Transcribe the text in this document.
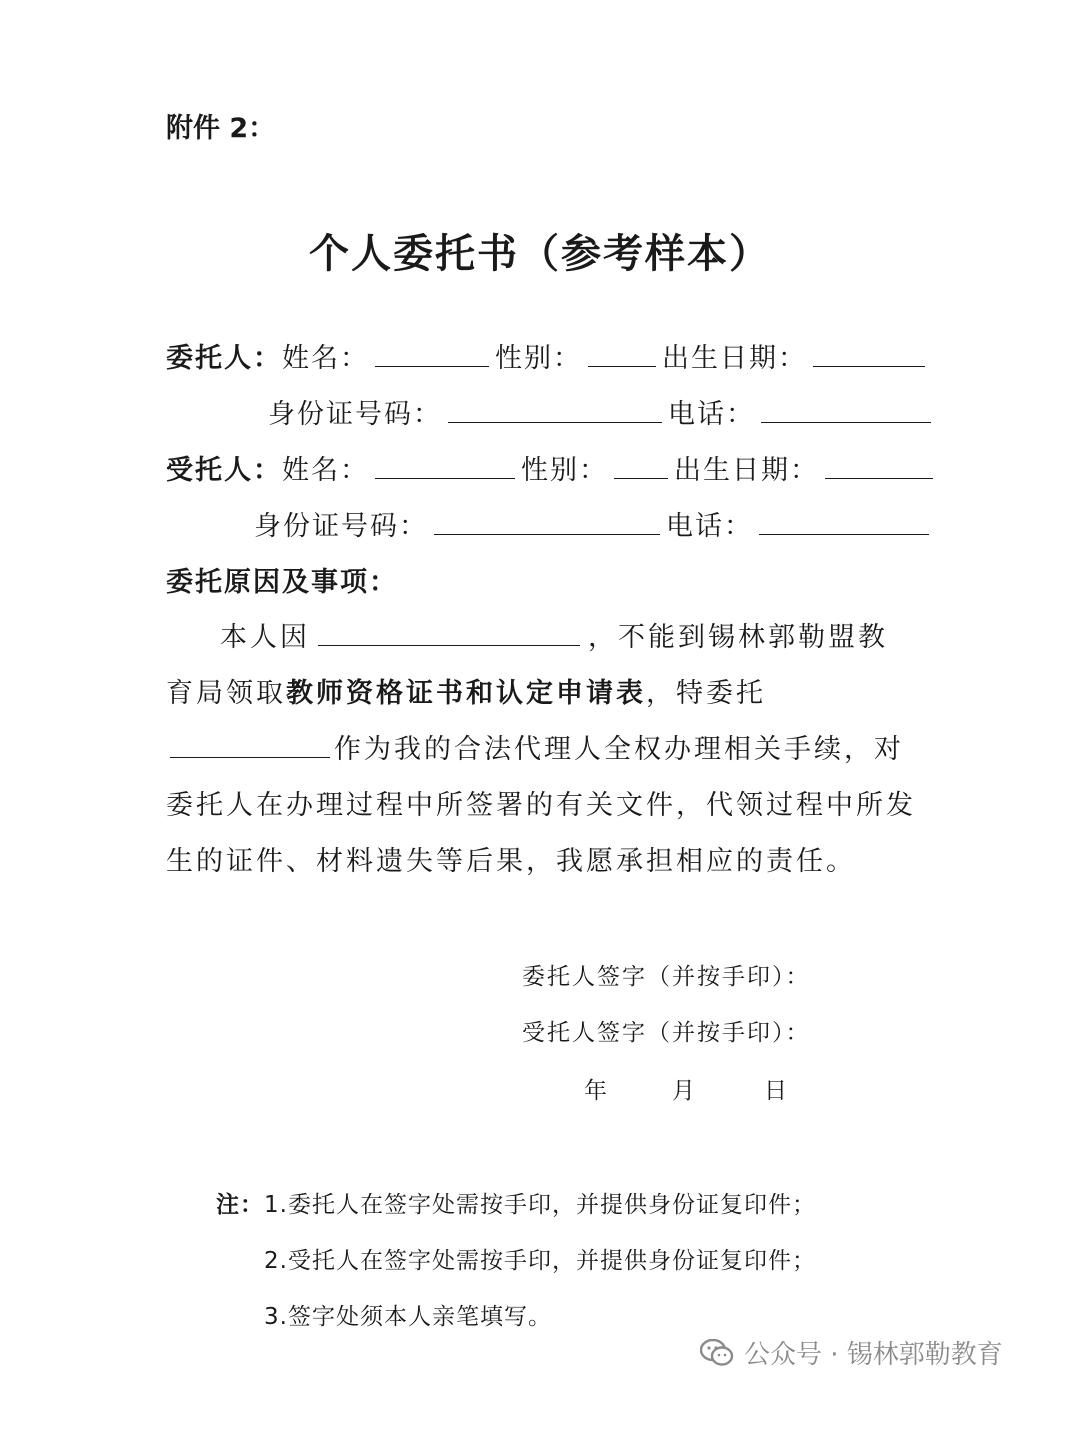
附件 2：
个人委托书（参考样本）
委托人：姓名：	性别：	出生日期：
身份证号码：	电话：
受托人：姓名：	性别： 出生日期：
身份证号码：	电话：
委托原因及事项：
本人因	，不能到锡林郭勒盟教育局领取教师资格证书和认定申请表，特委托作为我的合法代理人全权办理相关手续，对委托人在办理过程中所签署的有关文件，代领过程中所发生的证件、材料遗失等后果，我愿承担相应的责任。
委托人签字（并按手印）：
受托人签字（并按手印）：
年	月	日
注： 1.委托人在签字处需按手印，并提供身份证复印件；
2.受托人在签字处需按手印，并提供身份证复印件；
3.签字处须本人亲笔填写。
公众号 · 锡林郭勒教育
